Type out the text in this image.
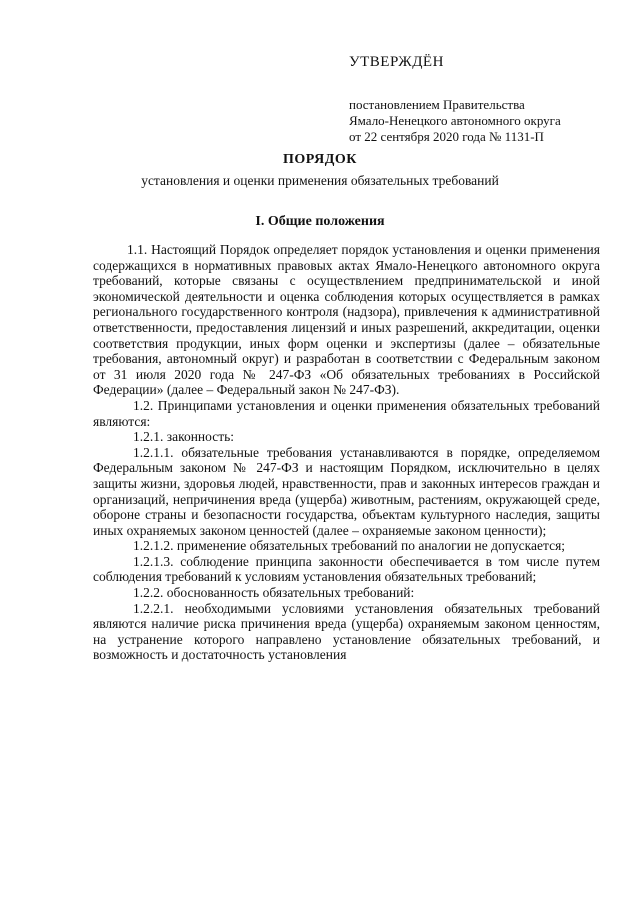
УТВЕРЖДЁН
постановлением Правительства
Ямало-Ненецкого автономного округа
от 22 сентября 2020 года № 1131-П
ПОРЯДОК
установления и оценки применения обязательных требований
I. Общие положения

1.1. Настоящий Порядок определяет порядок установления и оценки применения содержащихся в нормативных правовых актах Ямало-Ненецкого автономного округа требований, которые связаны с осуществлением предпринимательской и иной экономической деятельности и оценка соблюдения которых осуществляется в рамках регионального государственного контроля (надзора), привлечения к административной ответственности, предоставления лицензий и иных разрешений, аккредитации, оценки соответствия продукции, иных форм оценки и экспертизы (далее – обязательные требования, автономный округ) и разработан в соответствии с Федеральным законом от 31 июля 2020 года № 247-ФЗ «Об обязательных требованиях в Российской Федерации» (далее – Федеральный закон № 247-ФЗ).

1.2. Принципами установления и оценки применения обязательных требований являются:

1.2.1. законность:

1.2.1.1. обязательные требования устанавливаются в порядке, определяемом Федеральным законом № 247-ФЗ и настоящим Порядком, исключительно в целях защиты жизни, здоровья людей, нравственности, прав и законных интересов граждан и организаций, непричинения вреда (ущерба) животным, растениям, окружающей среде, обороне страны и безопасности государства, объектам культурного наследия, защиты иных охраняемых законом ценностей (далее – охраняемые законом ценности);

1.2.1.2. применение обязательных требований по аналогии не допускается;

1.2.1.3. соблюдение принципа законности обеспечивается в том числе путем соблюдения требований к условиям установления обязательных требований;

1.2.2. обоснованность обязательных требований:

1.2.2.1. необходимыми условиями установления обязательных требований являются наличие риска причинения вреда (ущерба) охраняемым законом ценностям, на устранение которого направлено установление обязательных требований, и возможность и достаточность установления
